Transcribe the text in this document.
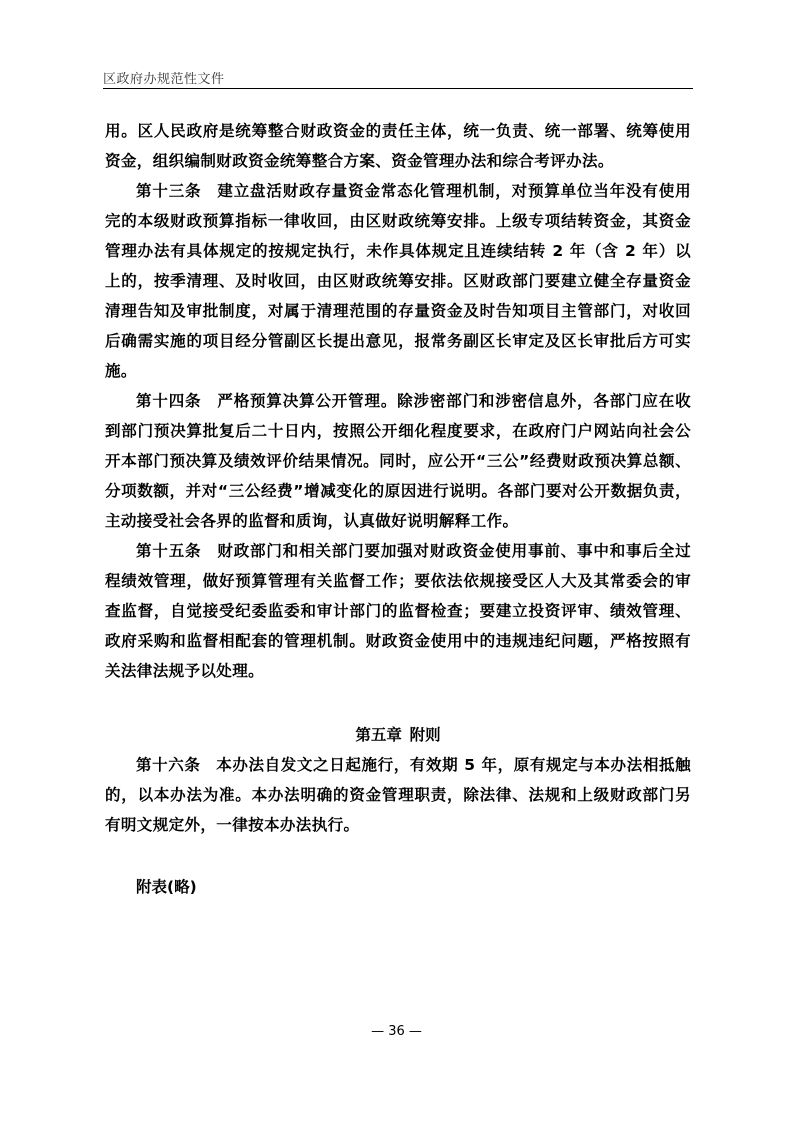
区政府办规范性文件

用。区人民政府是统筹整合财政资金的责任主体，统一负责、统一部署、统筹使用资金，组织编制财政资金统筹整合方案、资金管理办法和综合考评办法。

第十三条 建立盘活财政存量资金常态化管理机制，对预算单位当年没有使用完的本级财政预算指标一律收回，由区财政统筹安排。上级专项结转资金，其资金管理办法有具体规定的按规定执行，未作具体规定且连续结转 2 年（含 2 年）以上的，按季清理、及时收回，由区财政统筹安排。区财政部门要建立健全存量资金清理告知及审批制度，对属于清理范围的存量资金及时告知项目主管部门，对收回后确需实施的项目经分管副区长提出意见，报常务副区长审定及区长审批后方可实施。

第十四条 严格预算决算公开管理。除涉密部门和涉密信息外，各部门应在收到部门预决算批复后二十日内，按照公开细化程度要求，在政府门户网站向社会公开本部门预决算及绩效评价结果情况。同时，应公开“三公”经费财政预决算总额、分项数额，并对“三公经费”增减变化的原因进行说明。各部门要对公开数据负责，主动接受社会各界的监督和质询，认真做好说明解释工作。

第十五条 财政部门和相关部门要加强对财政资金使用事前、事中和事后全过程绩效管理，做好预算管理有关监督工作；要依法依规接受区人大及其常委会的审查监督，自觉接受纪委监委和审计部门的监督检查；要建立投资评审、绩效管理、政府采购和监督相配套的管理机制。财政资金使用中的违规违纪问题，严格按照有关法律法规予以处理。

第五章 附则

第十六条 本办法自发文之日起施行，有效期 5 年，原有规定与本办法相抵触的，以本办法为准。本办法明确的资金管理职责，除法律、法规和上级财政部门另有明文规定外，一律按本办法执行。

附表(略)

— 36 —
